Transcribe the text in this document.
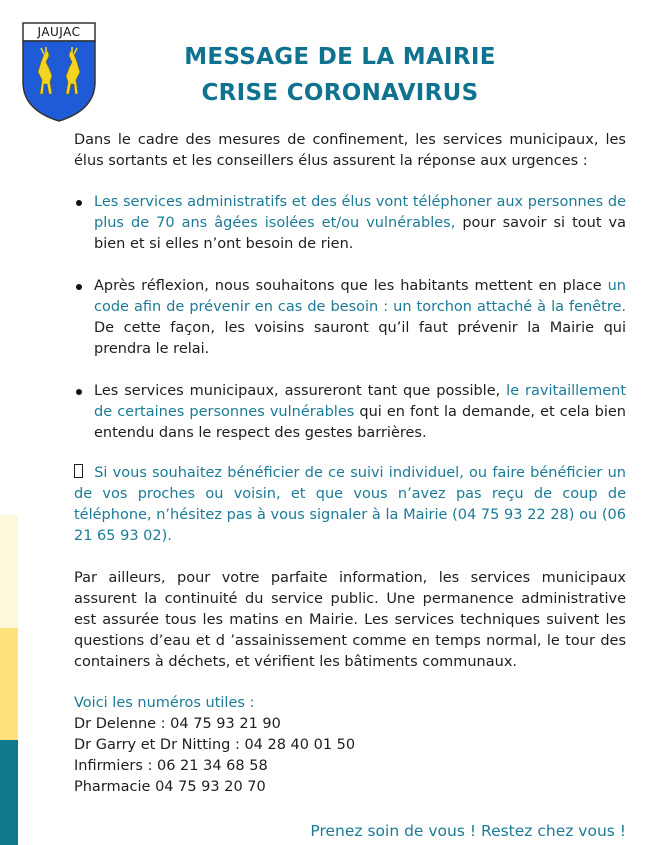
JAUJAC
MESSAGE DE LA MAIRIE
CRISE CORONAVIRUS

Dans le cadre des mesures de confinement, les services municipaux, les élus sortants et les conseillers élus assurent la réponse aux urgences :

Les services administratifs et des élus vont téléphoner aux personnes de plus de 70 ans âgées isolées et/ou vulnérables, pour savoir si tout va bien et si elles n’ont besoin de rien.
Après réflexion, nous souhaitons que les habitants mettent en place un code afin de prévenir en cas de besoin : un torchon attaché à la fenêtre. De cette façon, les voisins sauront qu’il faut prévenir la Mairie qui prendra le relai.
Les services municipaux, assureront tant que possible, le ravitaillement de certaines personnes vulnérables qui en font la demande, et cela bien entendu dans le respect des gestes barrières.

Si vous souhaitez bénéficier de ce suivi individuel, ou faire bénéficier un de vos proches ou voisin, et que vous n’avez pas reçu de coup de téléphone, n’hésitez pas à vous signaler à la Mairie (04 75 93 22 28) ou (06 21 65 93 02).

Par ailleurs, pour votre parfaite information, les services municipaux assurent la continuité du service public. Une permanence administrative est assurée tous les matins en Mairie. Les services techniques suivent les questions d’eau et d ’assainissement comme en temps normal, le tour des containers à déchets, et vérifient les bâtiments communaux.

Voici les numéros utiles :
Dr Delenne : 04 75 93 21 90
Dr Garry et Dr Nitting : 04 28 40 01 50
Infirmiers : 06 21 34 68 58
Pharmacie 04 75 93 20 70
Prenez soin de vous ! Restez chez vous !
